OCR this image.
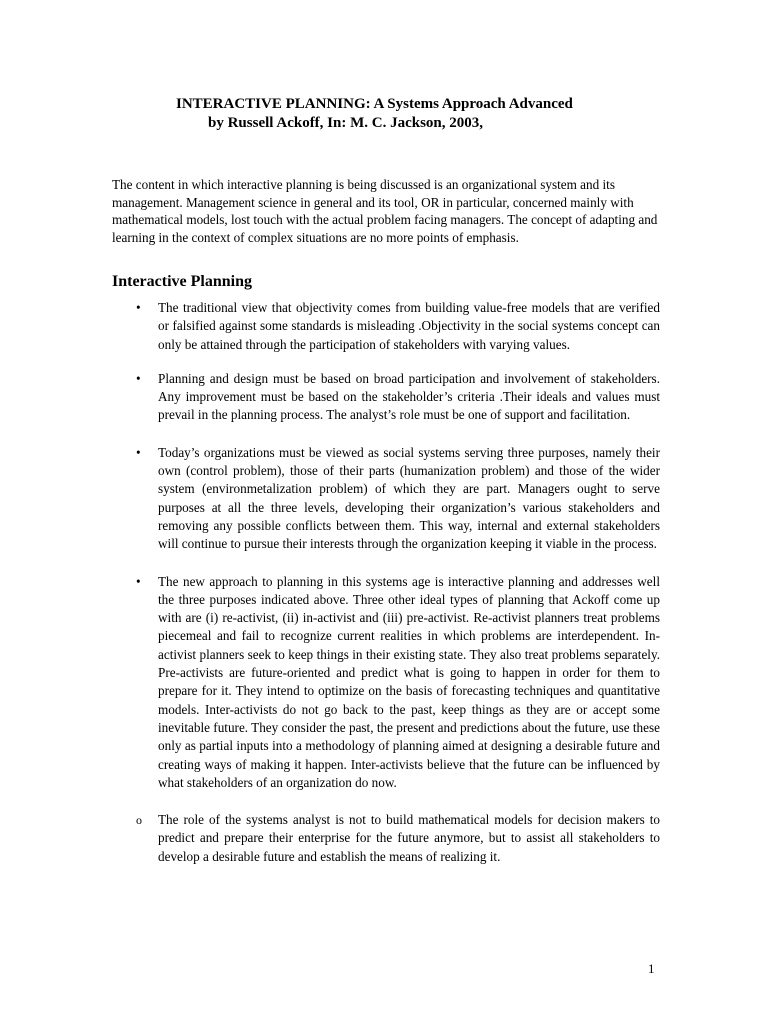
INTERACTIVE PLANNING: A Systems Approach Advanced
by Russell Ackoff, In: M. C. Jackson, 2003,
The content in which interactive planning is being discussed is an organizational system and its management. Management science in general and its tool, OR in particular, concerned mainly with mathematical models, lost touch with the actual problem facing managers. The concept of adapting and learning in the context of complex situations are no more points of emphasis.
Interactive Planning
•
The traditional view that objectivity comes from building value-free models that are verified or falsified against some standards is misleading .Objectivity in the social systems concept can only be attained through the participation of stakeholders with varying values.
•
Planning and design must be based on broad participation and involvement of stakeholders. Any improvement must be based on the stakeholder’s criteria .Their ideals and values must prevail in the planning process. The analyst’s role must be one of support and facilitation.
•
Today’s organizations must be viewed as social systems serving three purposes, namely their own (control problem), those of their parts (humanization problem) and those of the wider system (environmetalization problem) of which they are part. Managers ought to serve purposes at all the three levels, developing their organization’s various stakeholders and removing any possible conflicts between them. This way, internal and external stakeholders will continue to pursue their interests through the organization keeping it viable in the process.
•
The new approach to planning in this systems age is interactive planning and addresses well the three purposes indicated above. Three other ideal types of planning that Ackoff come up with are (i) re-activist, (ii) in-activist and (iii) pre-activist. Re-activist planners treat problems piecemeal and fail to recognize current realities in which problems are interdependent. In-activist planners seek to keep things in their existing state. They also treat problems separately. Pre-activists are future-oriented and predict what is going to happen in order for them to prepare for it. They intend to optimize on the basis of forecasting techniques and quantitative models. Inter-activists do not go back to the past, keep things as they are or accept some inevitable future. They consider the past, the present and predictions about the future, use these only as partial inputs into a methodology of planning aimed at designing a desirable future and creating ways of making it happen. Inter-activists believe that the future can be influenced by what stakeholders of an organization do now.
o	The role of the systems analyst is not to build mathematical models for decision makers to predict and prepare their enterprise for the future anymore, but to assist all stakeholders to develop a desirable future and establish the means of realizing it.
1
